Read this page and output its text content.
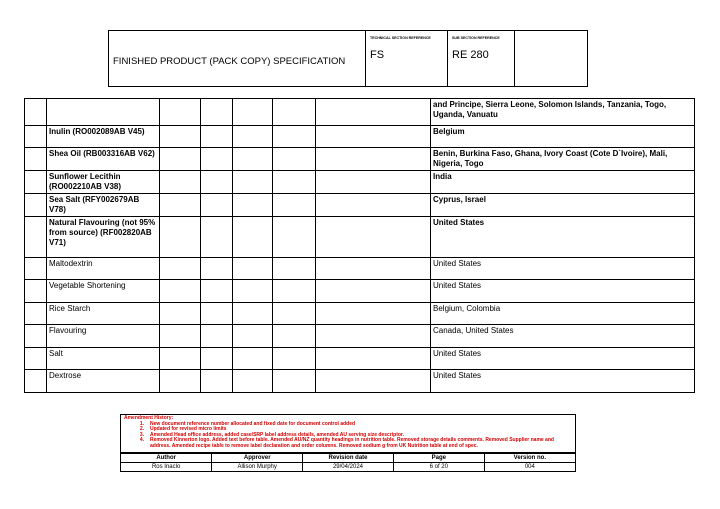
FINISHED PRODUCT (PACK COPY) SPECIFICATION
TECHNICAL SECTION REFERENCE
FS
SUB SECTION REFERENCE
RE 280
							and Principe, Sierra Leone, Solomon Islands, Tanzania, Togo, Uganda, Vanuatu
	Inulin (RO002089AB V45)						Belgium
	Shea Oil (RB003316AB V62)						Benin, Burkina Faso, Ghana, Ivory Coast (Cote D`Ivoire), Mali, Nigeria, Togo
	Sunflower Lecithin (RO002210AB V38)						India
	Sea Salt (RFY002679AB V78)						Cyprus, Israel
	Natural Flavouring (not 95% from source) (RF002820AB V71)						United States
	Maltodextrin						United States
	Vegetable Shortening						United States
	Rice Starch						Belgium, Colombia
	Flavouring						Canada, United States
	Salt						United States
	Dextrose						United States
Amendment History:
1.	New document reference number allocated and fixed date for document control added
2.	Updated for revised micro limits
3.	Amended Head office address, added case/SRP label address details, amended AU serving size descriptor.
4.	Removed Kinnerton logo. Added text before table. Amended AU/NZ quantity headings in nutrition table. Removed storage details comments. Removed Supplier name and address. Amended recipe table to remove label declaration and order columns. Removed sodium g from UK Nutrition table at end of spec.
Author	Approver	Revision date	Page	Version no.
Ros Inaclo	Allison Murphy	29/04/2024	6 of 20	004
